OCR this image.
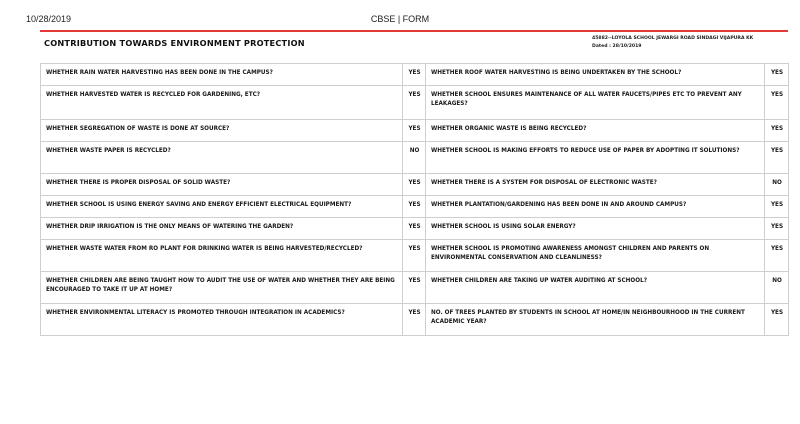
10/28/2019	CBSE | FORM
CONTRIBUTION TOWARDS ENVIRONMENT PROTECTION	45882--LOYOLA SCHOOL JEWARGI ROAD SINDAGI VIJAPURA KK
Dated : 28/10/2019
WHETHER RAIN WATER HARVESTING HAS BEEN DONE IN THE CAMPUS?	YES	WHETHER ROOF WATER HARVESTING IS BEING UNDERTAKEN BY THE SCHOOL?	YES
WHETHER HARVESTED WATER IS RECYCLED FOR GARDENING, ETC?	YES	WHETHER SCHOOL ENSURES MAINTENANCE OF ALL WATER FAUCETS/PIPES ETC TO PREVENT ANY LEAKAGES?	YES
WHETHER SEGREGATION OF WASTE IS DONE AT SOURCE?	YES	WHETHER ORGANIC WASTE IS BEING RECYCLED?	YES
WHETHER WASTE PAPER IS RECYCLED?	NO	WHETHER SCHOOL IS MAKING EFFORTS TO REDUCE USE OF PAPER BY ADOPTING IT SOLUTIONS?	YES
WHETHER THERE IS PROPER DISPOSAL OF SOLID WASTE?	YES	WHETHER THERE IS A SYSTEM FOR DISPOSAL OF ELECTRONIC WASTE?	NO
WHETHER SCHOOL IS USING ENERGY SAVING AND ENERGY EFFICIENT ELECTRICAL EQUIPMENT?	YES	WHETHER PLANTATION/GARDENING HAS BEEN DONE IN AND AROUND CAMPUS?	YES
WHETHER DRIP IRRIGATION IS THE ONLY MEANS OF WATERING THE GARDEN?	YES	WHETHER SCHOOL IS USING SOLAR ENERGY?	YES
WHETHER WASTE WATER FROM RO PLANT FOR DRINKING WATER IS BEING HARVESTED/RECYCLED?	YES	WHETHER SCHOOL IS PROMOTING AWARENESS AMONGST CHILDREN AND PARENTS ON ENVIRONMENTAL CONSERVATION AND CLEANLINESS?	YES
WHETHER CHILDREN ARE BEING TAUGHT HOW TO AUDIT THE USE OF WATER AND WHETHER THEY ARE BEING ENCOURAGED TO TAKE IT UP AT HOME?	YES	WHETHER CHILDREN ARE TAKING UP WATER AUDITING AT SCHOOL?	NO
WHETHER ENVIRONMENTAL LITERACY IS PROMOTED THROUGH INTEGRATION IN ACADEMICS?	YES	NO. OF TREES PLANTED BY STUDENTS IN SCHOOL AT HOME/IN NEIGHBOURHOOD IN THE CURRENT ACADEMIC YEAR?	YES
